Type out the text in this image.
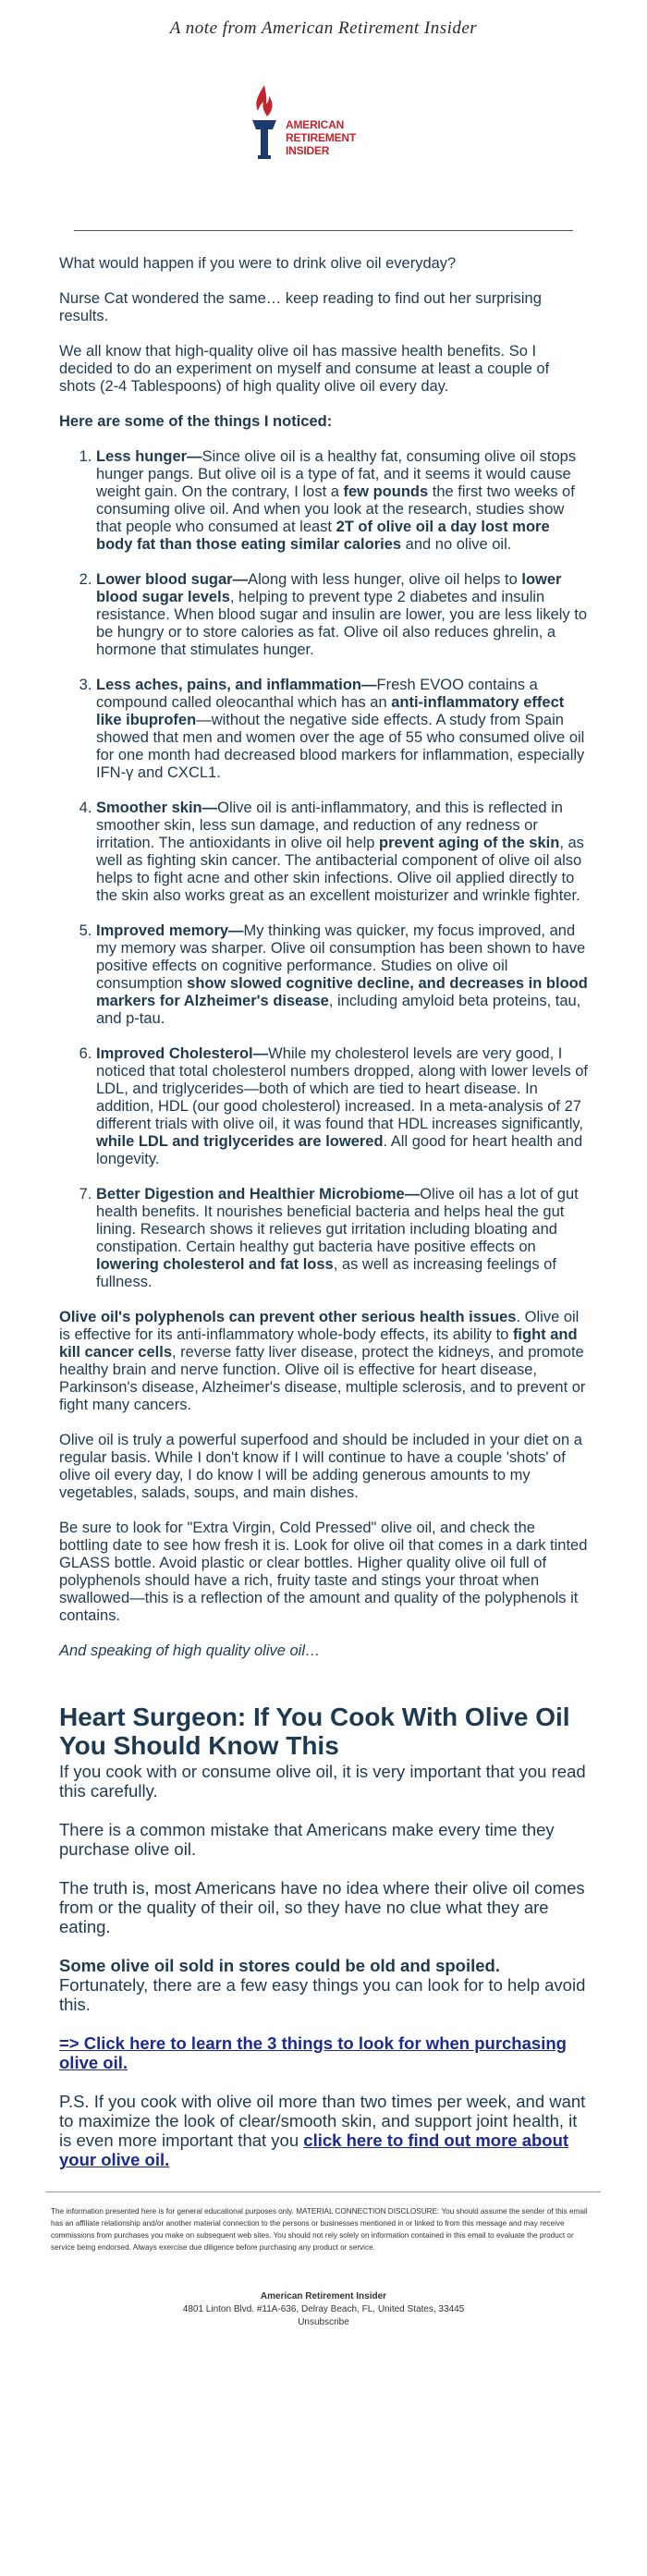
A note from American Retirement Insider
AMERICAN
RETIREMENT INSIDER

What would happen if you were to drink olive oil everyday?

Nurse Cat wondered the same… keep reading to find out her surprising results.

We all know that high-quality olive oil has massive health benefits. So I decided to do an experiment on myself and consume at least a couple of shots (2-4 Tablespoons) of high quality olive oil every day.

Here are some of the things I noticed:

1. Less hunger—Since olive oil is a healthy fat, consuming olive oil stops hunger pangs. But olive oil is a type of fat, and it seems it would cause weight gain. On the contrary, I lost a few pounds the first two weeks of consuming olive oil. And when you look at the research, studies show that people who consumed at least 2T of olive oil a day lost more body fat than those eating similar calories and no olive oil.
2. Lower blood sugar—Along with less hunger, olive oil helps to lower blood sugar levels, helping to prevent type 2 diabetes and insulin resistance. When blood sugar and insulin are lower, you are less likely to be hungry or to store calories as fat. Olive oil also reduces ghrelin, a hormone that stimulates hunger.
3. Less aches, pains, and inflammation—Fresh EVOO contains a compound called oleocanthal which has an anti-inflammatory effect like ibuprofen—without the negative side effects. A study from Spain showed that men and women over the age of 55 who consumed olive oil for one month had decreased blood markers for inflammation, especially IFN-γ and CXCL1.
4. Smoother skin—Olive oil is anti-inflammatory, and this is reflected in smoother skin, less sun damage, and reduction of any redness or irritation. The antioxidants in olive oil help prevent aging of the skin, as well as fighting skin cancer. The antibacterial component of olive oil also helps to fight acne and other skin infections. Olive oil applied directly to the skin also works great as an excellent moisturizer and wrinkle fighter.
5. Improved memory—My thinking was quicker, my focus improved, and my memory was sharper. Olive oil consumption has been shown to have positive effects on cognitive performance. Studies on olive oil consumption show slowed cognitive decline, and decreases in blood markers for Alzheimer's disease, including amyloid beta proteins, tau, and p-tau.
6. Improved Cholesterol—While my cholesterol levels are very good, I noticed that total cholesterol numbers dropped, along with lower levels of LDL, and triglycerides—both of which are tied to heart disease. In addition, HDL (our good cholesterol) increased. In a meta-analysis of 27 different trials with olive oil, it was found that HDL increases significantly, while LDL and triglycerides are lowered. All good for heart health and longevity.
7. Better Digestion and Healthier Microbiome—Olive oil has a lot of gut health benefits. It nourishes beneficial bacteria and helps heal the gut lining. Research shows it relieves gut irritation including bloating and constipation. Certain healthy gut bacteria have positive effects on lowering cholesterol and fat loss, as well as increasing feelings of fullness.

Olive oil's polyphenols can prevent other serious health issues. Olive oil is effective for its anti-inflammatory whole-body effects, its ability to fight and kill cancer cells, reverse fatty liver disease, protect the kidneys, and promote healthy brain and nerve function. Olive oil is effective for heart disease, Parkinson's disease, Alzheimer's disease, multiple sclerosis, and to prevent or fight many cancers.

Olive oil is truly a powerful superfood and should be included in your diet on a regular basis. While I don't know if I will continue to have a couple 'shots' of olive oil every day, I do know I will be adding generous amounts to my vegetables, salads, soups, and main dishes.

Be sure to look for "Extra Virgin, Cold Pressed" olive oil, and check the bottling date to see how fresh it is. Look for olive oil that comes in a dark tinted GLASS bottle. Avoid plastic or clear bottles. Higher quality olive oil full of polyphenols should have a rich, fruity taste and stings your throat when swallowed—this is a reflection of the amount and quality of the polyphenols it contains.

And speaking of high quality olive oil…

Heart Surgeon: If You Cook With Olive Oil You Should Know This

If you cook with or consume olive oil, it is very important that you read this carefully.

There is a common mistake that Americans make every time they purchase olive oil.

The truth is, most Americans have no idea where their olive oil comes from or the quality of their oil, so they have no clue what they are eating.

Some olive oil sold in stores could be old and spoiled. Fortunately, there are a few easy things you can look for to help avoid this.

=> Click here to learn the 3 things to look for when purchasing olive oil.

P.S. If you cook with olive oil more than two times per week, and want to maximize the look of clear/smooth skin, and support joint health, it is even more important that you click here to find out more about your olive oil.

The information presented here is for general educational purposes only. MATERIAL CONNECTION DISCLOSURE: You should assume the sender of this email has an affiliate relationship and/or another material connection to the persons or businesses mentioned in or linked to from this message and may receive commissions from purchases you make on subsequent web sites. You should not rely solely on information contained in this email to evaluate the product or service being endorsed. Always exercise due diligence before purchasing any product or service.
American Retirement Insider
4801 Linton Blvd. #11A-636, Delray Beach, FL, United States, 33445
Unsubscribe
